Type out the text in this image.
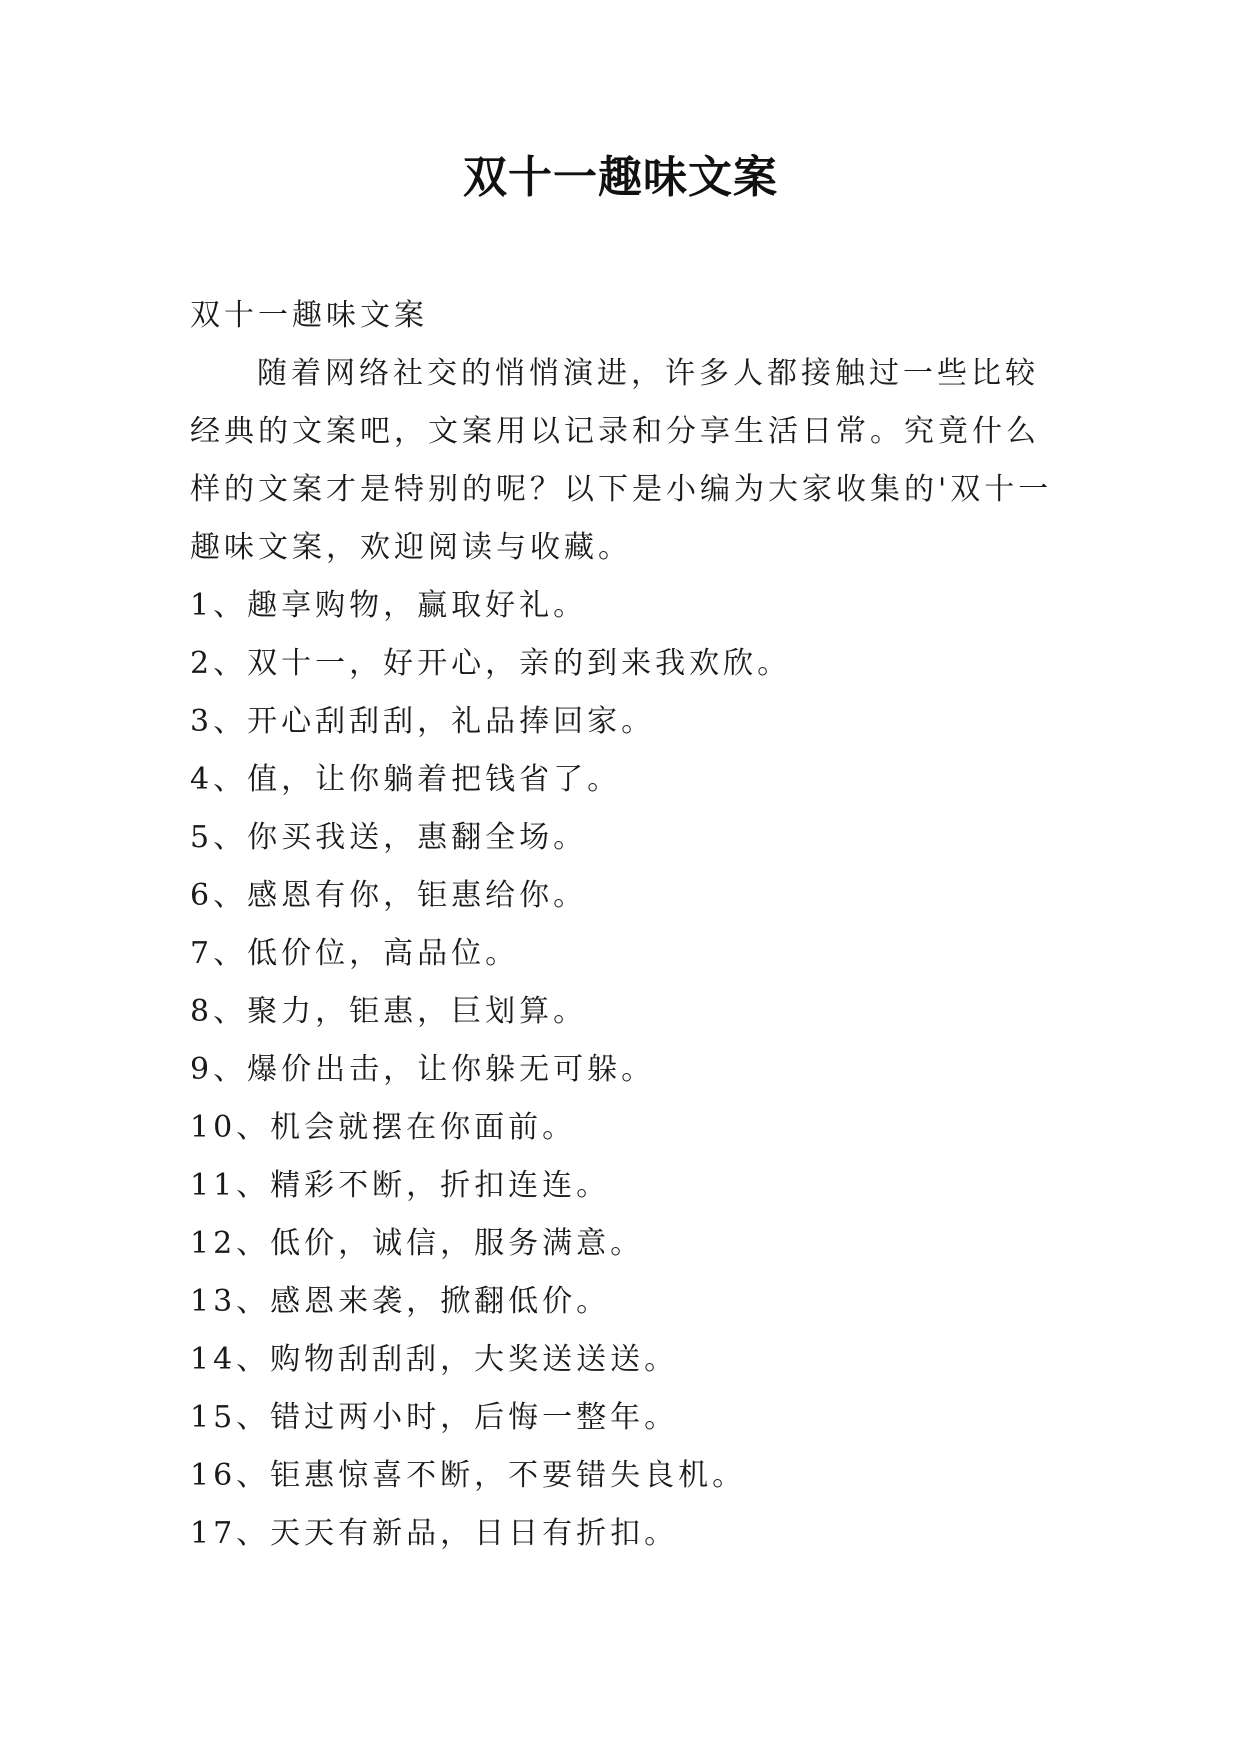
双十一趣味文案

双十一趣味文案

随着网络社交的悄悄演进，许多人都接触过一些比较经典的文案吧，文案用以记录和分享生活日常。究竟什么样的文案才是特别的呢？以下是小编为大家收集的'双十一趣味文案，欢迎阅读与收藏。

1、趣享购物，赢取好礼。

2、双十一，好开心，亲的到来我欢欣。

3、开心刮刮刮，礼品捧回家。

4、值，让你躺着把钱省了。

5、你买我送，惠翻全场。

6、感恩有你，钜惠给你。

7、低价位，高品位。

8、聚力，钜惠，巨划算。

9、爆价出击，让你躲无可躲。

10、机会就摆在你面前。

11、精彩不断，折扣连连。

12、低价，诚信，服务满意。

13、感恩来袭，掀翻低价。

14、购物刮刮刮，大奖送送送。

15、错过两小时，后悔一整年。

16、钜惠惊喜不断，不要错失良机。

17、天天有新品，日日有折扣。
